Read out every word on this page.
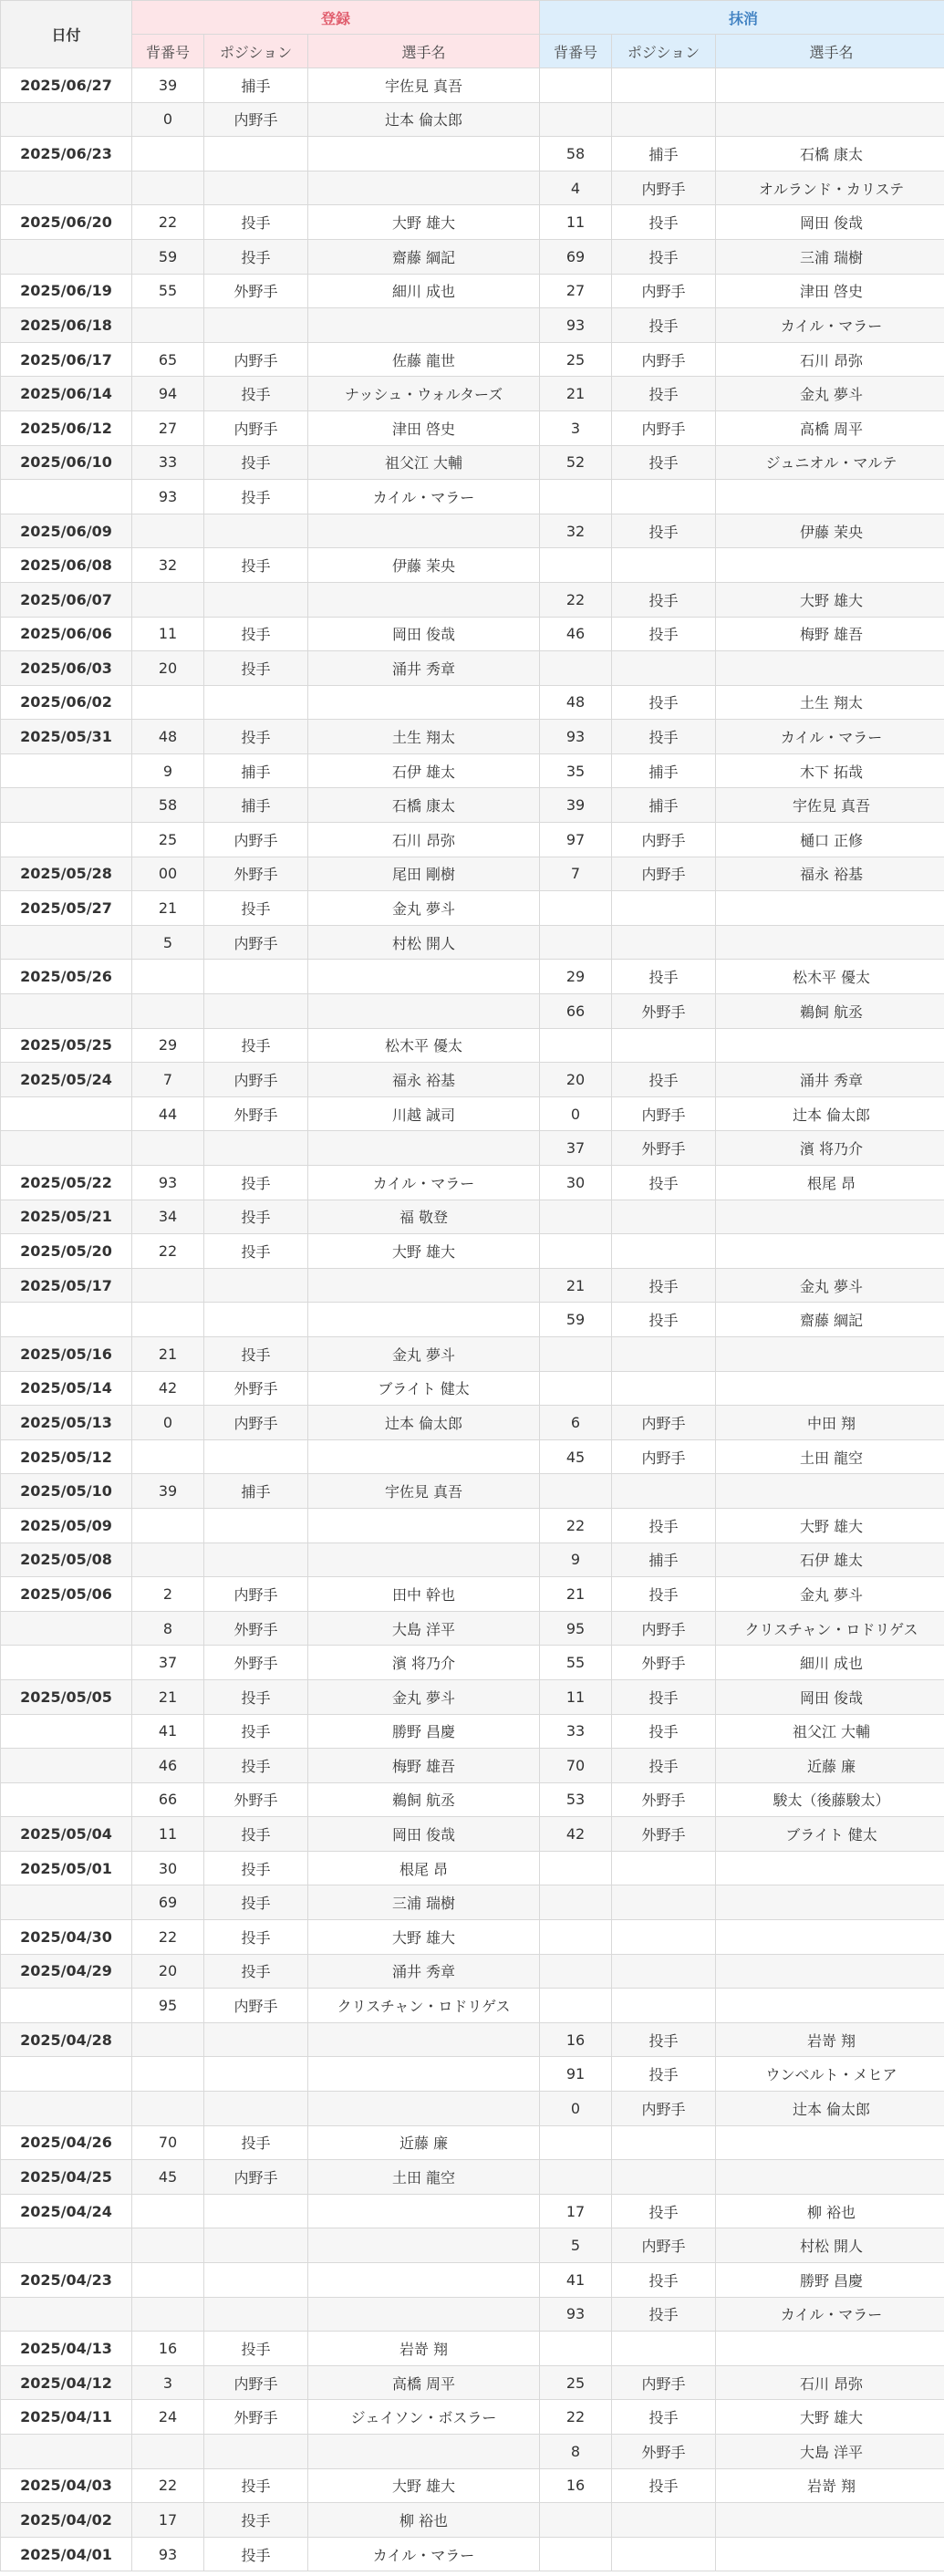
日付	登録			抹消		
	背番号	ポジション	選手名	背番号	ポジション	選手名
2025/06/27	39	捕手	宇佐見 真吾			
	0	内野手	辻本 倫太郎			
2025/06/23				58	捕手	石橋 康太
				4	内野手	オルランド・カリステ
2025/06/20	22	投手	大野 雄大	11	投手	岡田 俊哉
	59	投手	齋藤 綱記	69	投手	三浦 瑞樹
2025/06/19	55	外野手	細川 成也	27	内野手	津田 啓史
2025/06/18				93	投手	カイル・マラー
2025/06/17	65	内野手	佐藤 龍世	25	内野手	石川 昂弥
2025/06/14	94	投手	ナッシュ・ウォルターズ	21	投手	金丸 夢斗
2025/06/12	27	内野手	津田 啓史	3	内野手	高橋 周平
2025/06/10	33	投手	祖父江 大輔	52	投手	ジュニオル・マルテ
	93	投手	カイル・マラー			
2025/06/09				32	投手	伊藤 茉央
2025/06/08	32	投手	伊藤 茉央			
2025/06/07				22	投手	大野 雄大
2025/06/06	11	投手	岡田 俊哉	46	投手	梅野 雄吾
2025/06/03	20	投手	涌井 秀章			
2025/06/02				48	投手	土生 翔太
2025/05/31	48	投手	土生 翔太	93	投手	カイル・マラー
	9	捕手	石伊 雄太	35	捕手	木下 拓哉
	58	捕手	石橋 康太	39	捕手	宇佐見 真吾
	25	内野手	石川 昂弥	97	内野手	樋口 正修
2025/05/28	00	外野手	尾田 剛樹	7	内野手	福永 裕基
2025/05/27	21	投手	金丸 夢斗			
	5	内野手	村松 開人			
2025/05/26				29	投手	松木平 優太
				66	外野手	鵜飼 航丞
2025/05/25	29	投手	松木平 優太			
2025/05/24	7	内野手	福永 裕基	20	投手	涌井 秀章
	44	外野手	川越 誠司	0	内野手	辻本 倫太郎
				37	外野手	濱 将乃介
2025/05/22	93	投手	カイル・マラー	30	投手	根尾 昂
2025/05/21	34	投手	福 敬登			
2025/05/20	22	投手	大野 雄大			
2025/05/17				21	投手	金丸 夢斗
				59	投手	齋藤 綱記
2025/05/16	21	投手	金丸 夢斗			
2025/05/14	42	外野手	ブライト 健太			
2025/05/13	0	内野手	辻本 倫太郎	6	内野手	中田 翔
2025/05/12				45	内野手	土田 龍空
2025/05/10	39	捕手	宇佐見 真吾			
2025/05/09				22	投手	大野 雄大
2025/05/08				9	捕手	石伊 雄太
2025/05/06	2	内野手	田中 幹也	21	投手	金丸 夢斗
	8	外野手	大島 洋平	95	内野手	クリスチャン・ロドリゲス
	37	外野手	濱 将乃介	55	外野手	細川 成也
2025/05/05	21	投手	金丸 夢斗	11	投手	岡田 俊哉
	41	投手	勝野 昌慶	33	投手	祖父江 大輔
	46	投手	梅野 雄吾	70	投手	近藤 廉
	66	外野手	鵜飼 航丞	53	外野手	駿太（後藤駿太）
2025/05/04	11	投手	岡田 俊哉	42	外野手	ブライト 健太
2025/05/01	30	投手	根尾 昂			
	69	投手	三浦 瑞樹			
2025/04/30	22	投手	大野 雄大			
2025/04/29	20	投手	涌井 秀章			
	95	内野手	クリスチャン・ロドリゲス			
2025/04/28				16	投手	岩嵜 翔
				91	投手	ウンベルト・メヒア
				0	内野手	辻本 倫太郎
2025/04/26	70	投手	近藤 廉			
2025/04/25	45	内野手	土田 龍空			
2025/04/24				17	投手	柳 裕也
				5	内野手	村松 開人
2025/04/23				41	投手	勝野 昌慶
				93	投手	カイル・マラー
2025/04/13	16	投手	岩嵜 翔			
2025/04/12	3	内野手	高橋 周平	25	内野手	石川 昂弥
2025/04/11	24	外野手	ジェイソン・ボスラー	22	投手	大野 雄大
				8	外野手	大島 洋平
2025/04/03	22	投手	大野 雄大	16	投手	岩嵜 翔
2025/04/02	17	投手	柳 裕也			
2025/04/01	93	投手	カイル・マラー			
